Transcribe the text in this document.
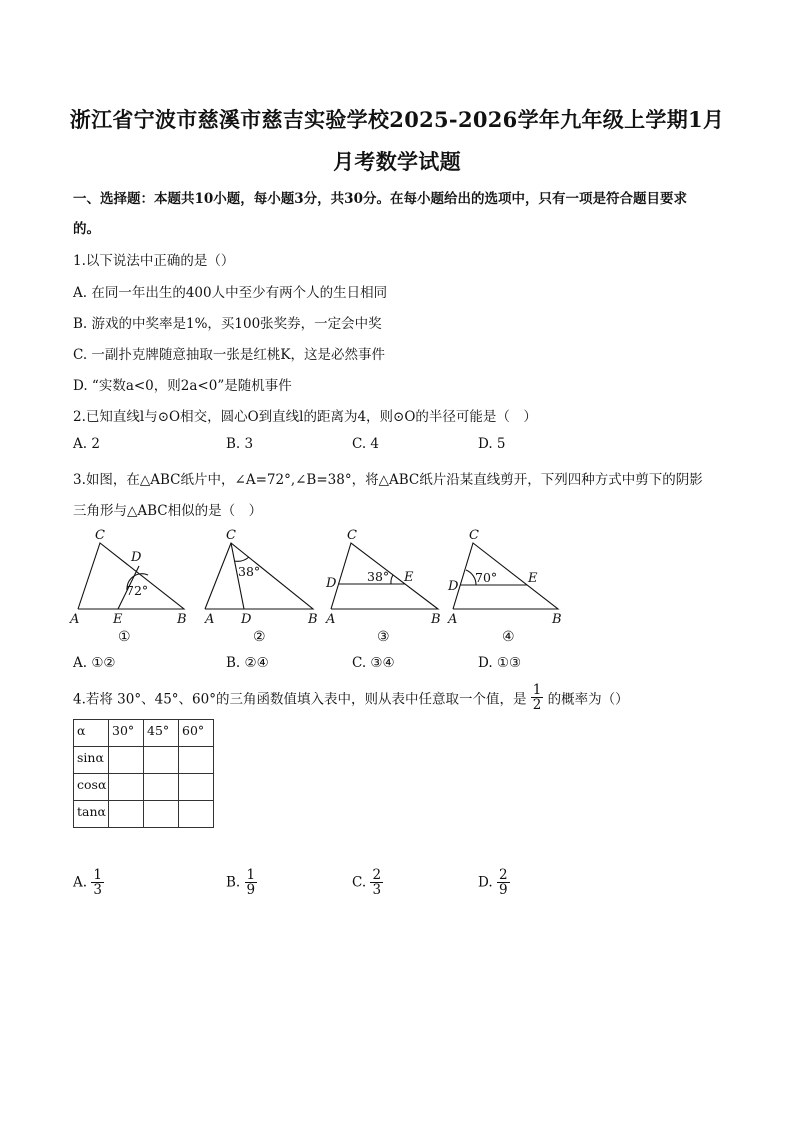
浙江省宁波市慈溪市慈吉实验学校2025-2026学年九年级上学期1月
月考数学试题
一、选择题：本题共10小题，每小题3分，共30分。在每小题给出的选项中，只有一项是符合题目要求
的。
1.以下说法中正确的是（）
A. 在同一年出生的400人中至少有两个人的生日相同
B. 游戏的中奖率是1%，买100张奖券，一定会中奖
C. 一副扑克牌随意抽取一张是红桃K，这是必然事件
D. “实数a<0，则2a<0”是随机事件
2.已知直线l与⊙O相交，圆心O到直线l的距离为4，则⊙O的半径可能是（　）
A. 2	B. 3	C. 4	D. 5
3.如图，在△ABC纸片中，∠A=72°,∠B=38°，将△ABC纸片沿某直线剪开，下列四种方式中剪下的阴影
三角形与△ABC相似的是（　）
C
D
A	E	B
C
A D	B
C
D	E
A	B
C
D
E
A	B
72°
38°	38°	70°
①	②	③	④
A. ①②	B. ②④	C. ③④	D. ①③
4.若将 30°、45°、60°的三角函数值填入表中，则从表中任意取一个值，是 $\frac{1}{2}$ 的概率为（）
α	30°	45°	60°
sinα			
cosα			
tanα			
A. $\frac{1}{3}$	B. $\frac{1}{9}$	C. $\frac{2}{3}$	D. $\frac{2}{9}$
